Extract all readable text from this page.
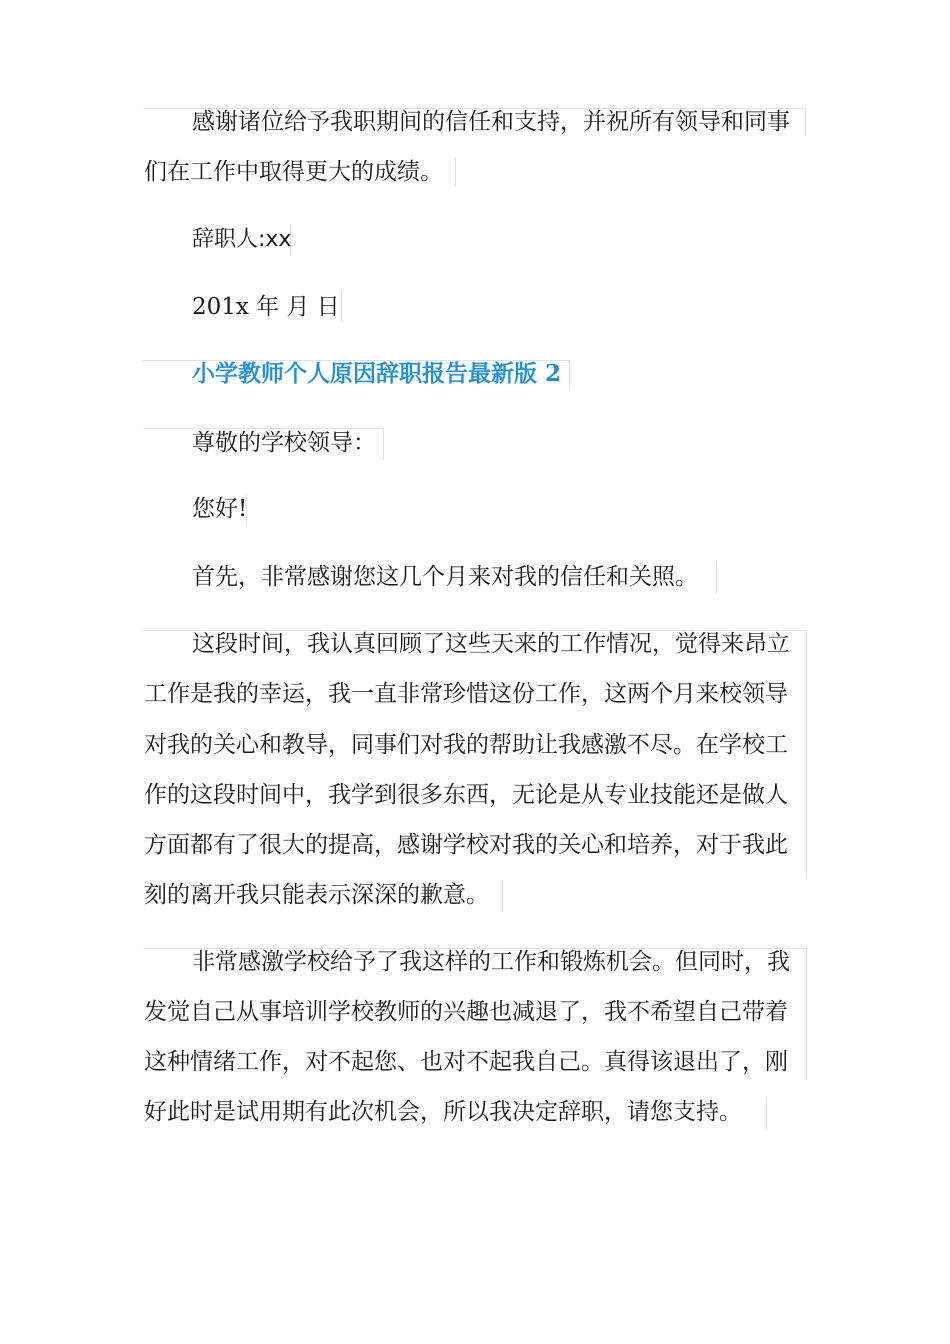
感谢诸位给予我职期间的信任和支持，并祝所有领导和同事
们在工作中取得更大的成绩。
辞职人:xx
201x 年 月 日
小学教师个人原因辞职报告最新版 2
尊敬的学校领导：
您好!
首先，非常感谢您这几个月来对我的信任和关照。
这段时间，我认真回顾了这些天来的工作情况，觉得来昂立
工作是我的幸运，我一直非常珍惜这份工作，这两个月来校领导
对我的关心和教导，同事们对我的帮助让我感激不尽。在学校工
作的这段时间中，我学到很多东西，无论是从专业技能还是做人
方面都有了很大的提高，感谢学校对我的关心和培养，对于我此
刻的离开我只能表示深深的歉意。
非常感激学校给予了我这样的工作和锻炼机会。但同时，我
发觉自己从事培训学校教师的兴趣也减退了，我不希望自己带着
这种情绪工作，对不起您、也对不起我自己。真得该退出了，刚
好此时是试用期有此次机会，所以我决定辞职，请您支持。
